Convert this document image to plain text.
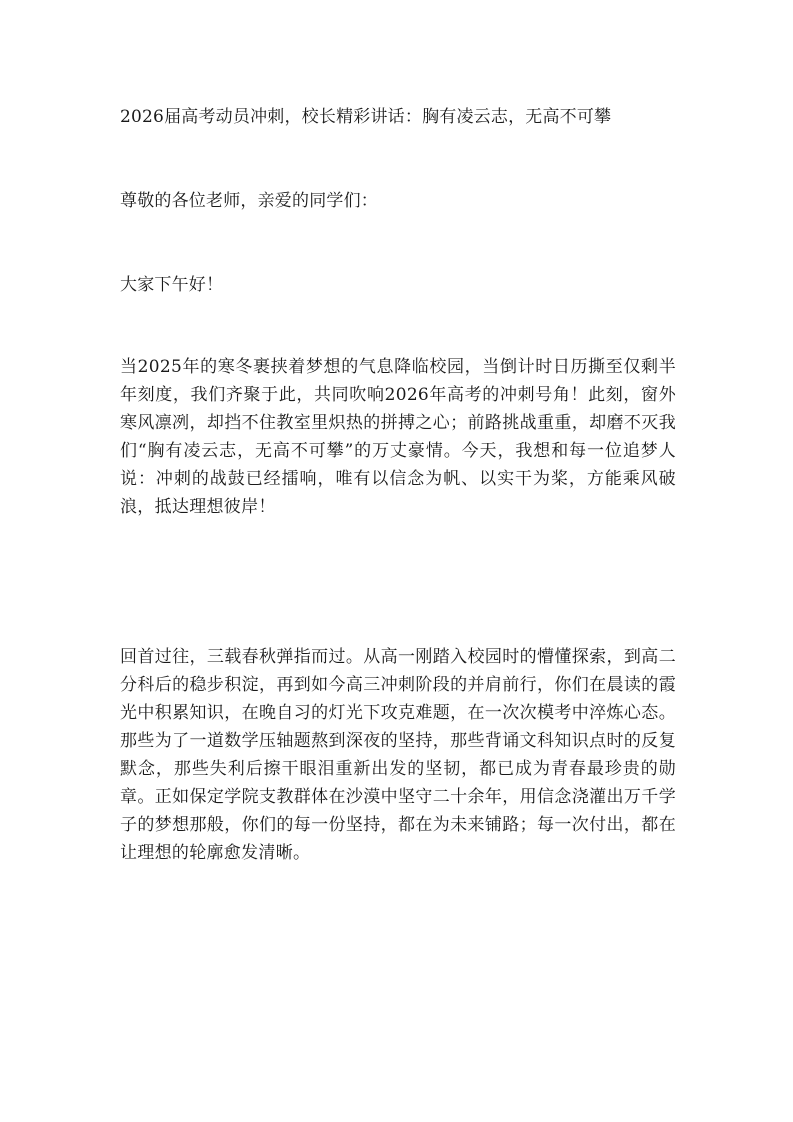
2026届高考动员冲刺，校长精彩讲话：胸有凌云志，无高不可攀
尊敬的各位老师，亲爱的同学们：
大家下午好！
当2025年的寒冬裹挟着梦想的气息降临校园，当倒计时日历撕至仅剩半年刻度，我们齐聚于此，共同吹响2026年高考的冲刺号角！此刻，窗外寒风凛冽，却挡不住教室里炽热的拼搏之心；前路挑战重重，却磨不灭我们“胸有凌云志，无高不可攀”的万丈豪情。今天，我想和每一位追梦人说：冲刺的战鼓已经擂响，唯有以信念为帆、以实干为桨，方能乘风破浪，抵达理想彼岸！
回首过往，三载春秋弹指而过。从高一刚踏入校园时的懵懂探索，到高二分科后的稳步积淀，再到如今高三冲刺阶段的并肩前行，你们在晨读的霞光中积累知识，在晚自习的灯光下攻克难题，在一次次模考中淬炼心态。那些为了一道数学压轴题熬到深夜的坚持，那些背诵文科知识点时的反复默念，那些失利后擦干眼泪重新出发的坚韧，都已成为青春最珍贵的勋章。正如保定学院支教群体在沙漠中坚守二十余年，用信念浇灌出万千学子的梦想那般，你们的每一份坚持，都在为未来铺路；每一次付出，都在让理想的轮廓愈发清晰。
